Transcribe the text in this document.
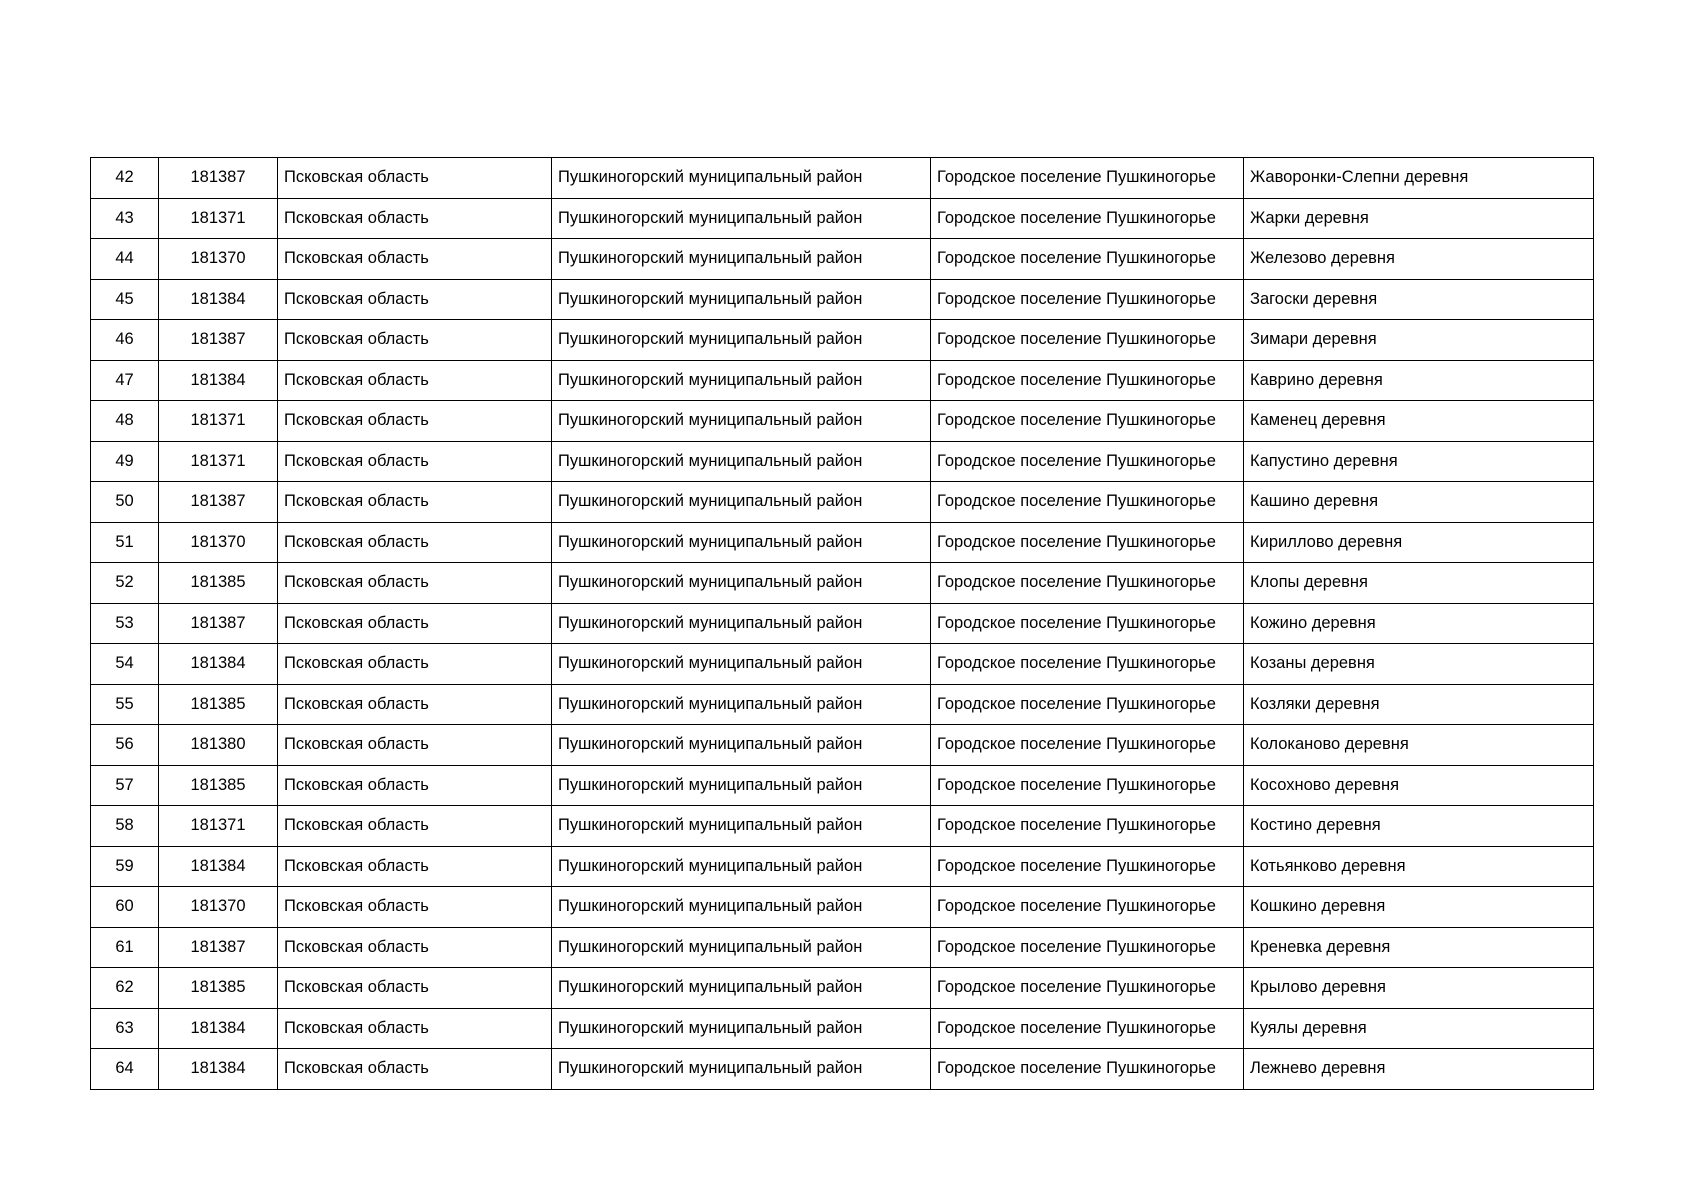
42	181387	Псковская область	Пушкиногорский муниципальный район	Городское поселение Пушкиногорье	Жаворонки-Слепни деревня
43	181371	Псковская область	Пушкиногорский муниципальный район	Городское поселение Пушкиногорье	Жарки деревня
44	181370	Псковская область	Пушкиногорский муниципальный район	Городское поселение Пушкиногорье	Железово деревня
45	181384	Псковская область	Пушкиногорский муниципальный район	Городское поселение Пушкиногорье	Загоски деревня
46	181387	Псковская область	Пушкиногорский муниципальный район	Городское поселение Пушкиногорье	Зимари деревня
47	181384	Псковская область	Пушкиногорский муниципальный район	Городское поселение Пушкиногорье	Каврино деревня
48	181371	Псковская область	Пушкиногорский муниципальный район	Городское поселение Пушкиногорье	Каменец деревня
49	181371	Псковская область	Пушкиногорский муниципальный район	Городское поселение Пушкиногорье	Капустино деревня
50	181387	Псковская область	Пушкиногорский муниципальный район	Городское поселение Пушкиногорье	Кашино деревня
51	181370	Псковская область	Пушкиногорский муниципальный район	Городское поселение Пушкиногорье	Кириллово деревня
52	181385	Псковская область	Пушкиногорский муниципальный район	Городское поселение Пушкиногорье	Клопы деревня
53	181387	Псковская область	Пушкиногорский муниципальный район	Городское поселение Пушкиногорье	Кожино деревня
54	181384	Псковская область	Пушкиногорский муниципальный район	Городское поселение Пушкиногорье	Козаны деревня
55	181385	Псковская область	Пушкиногорский муниципальный район	Городское поселение Пушкиногорье	Козляки деревня
56	181380	Псковская область	Пушкиногорский муниципальный район	Городское поселение Пушкиногорье	Колоканово деревня
57	181385	Псковская область	Пушкиногорский муниципальный район	Городское поселение Пушкиногорье	Косохново деревня
58	181371	Псковская область	Пушкиногорский муниципальный район	Городское поселение Пушкиногорье	Костино деревня
59	181384	Псковская область	Пушкиногорский муниципальный район	Городское поселение Пушкиногорье	Котьянково деревня
60	181370	Псковская область	Пушкиногорский муниципальный район	Городское поселение Пушкиногорье	Кошкино деревня
61	181387	Псковская область	Пушкиногорский муниципальный район	Городское поселение Пушкиногорье	Креневка деревня
62	181385	Псковская область	Пушкиногорский муниципальный район	Городское поселение Пушкиногорье	Крылово деревня
63	181384	Псковская область	Пушкиногорский муниципальный район	Городское поселение Пушкиногорье	Куялы деревня
64	181384	Псковская область	Пушкиногорский муниципальный район	Городское поселение Пушкиногорье	Лежнево деревня
